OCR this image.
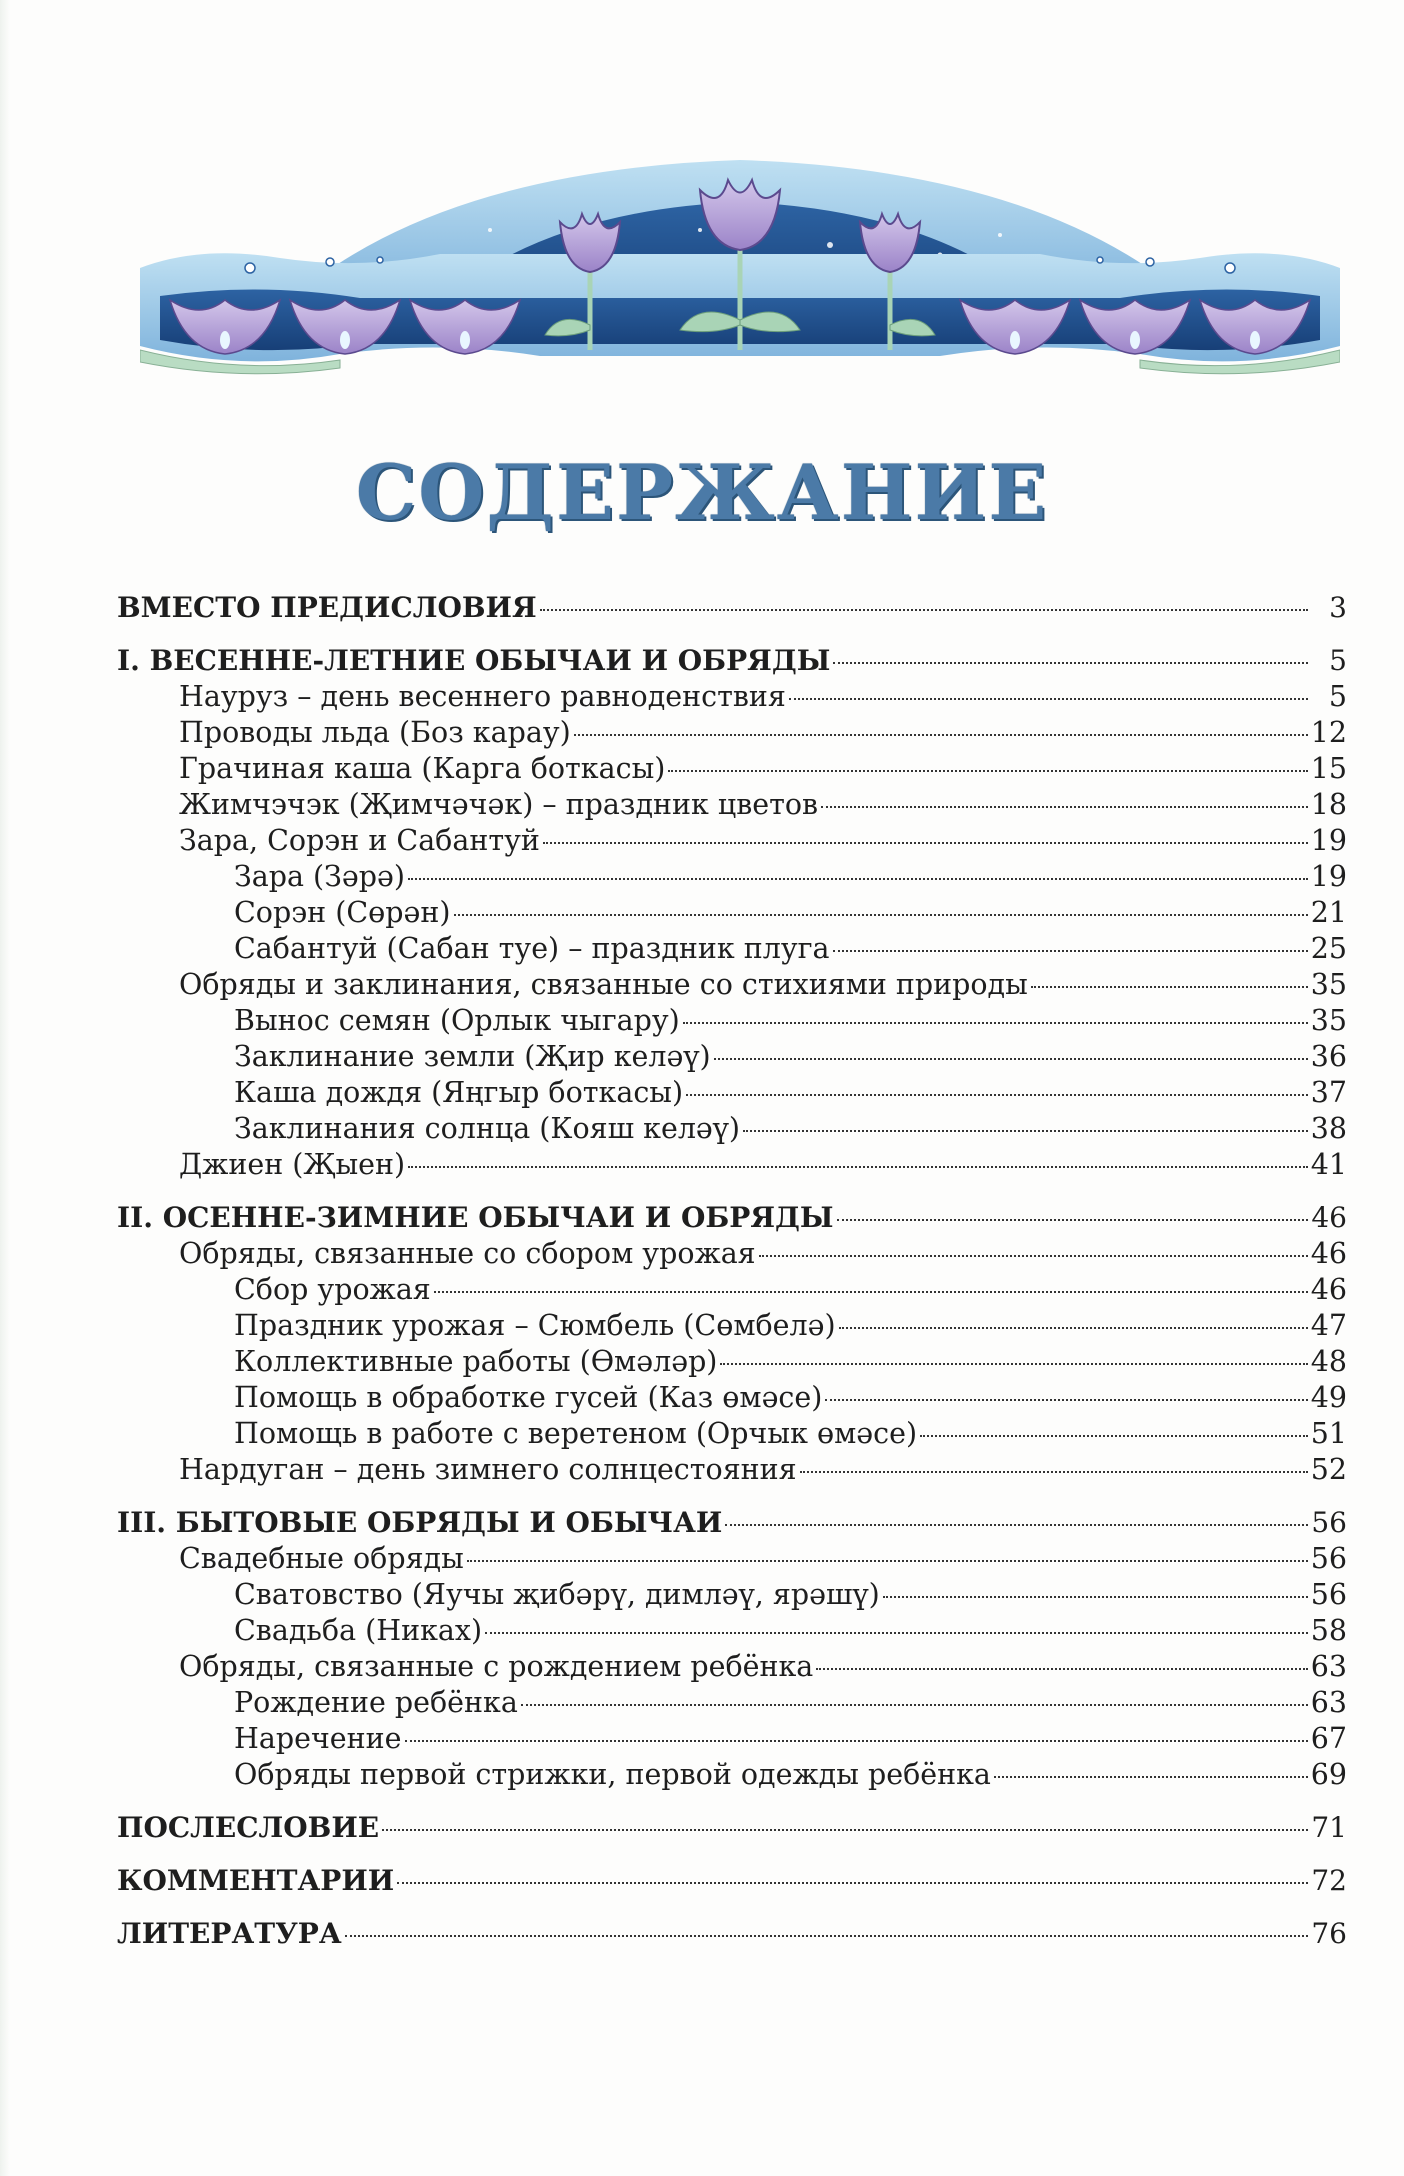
СОДЕРЖАНИЕ
ВМЕСТО ПРЕДИСЛОВИЯ	3
I. ВЕСЕННЕ-ЛЕТНИЕ ОБЫЧАИ И ОБРЯДЫ	5
Науруз – день весеннего равноденствия	5
Проводы льда (Боз карау)	12
Грачиная каша (Карга боткасы)	15
Жимчэчэк (Җимчәчәк) – праздник цветов	18
Зара, Сорэн и Сабантуй	19
Зара (Зәрә)	19
Сорэн (Сөрән)	21
Сабантуй (Сабан туе) – праздник плуга	25
Обряды и заклинания, связанные со стихиями природы	35
Вынос семян (Орлык чыгару)	35
Заклинание земли (Җир келәү)	36
Каша дождя (Яңгыр боткасы)	37
Заклинания солнца (Кояш келәү)	38
Джиен (Җыен)	41
II. ОСЕННЕ-ЗИМНИЕ ОБЫЧАИ И ОБРЯДЫ	46
Обряды, связанные со сбором урожая	46
Сбор урожая	46
Праздник урожая – Сюмбель (Сөмбелә)	47
Коллективные работы (Өмәләр)	48
Помощь в обработке гусей (Каз өмәсе)	49
Помощь в работе с веретеном (Орчык өмәсе)	51
Нардуган – день зимнего солнцестояния	52
III. БЫТОВЫЕ ОБРЯДЫ И ОБЫЧАИ	56
Свадебные обряды	56
Сватовство (Яучы җибәрү, димләү, ярәшү)	56
Свадьба (Никах)	58
Обряды, связанные с рождением ребёнка	63
Рождение ребёнка	63
Наречение	67
Обряды первой стрижки, первой одежды ребёнка	69
ПОСЛЕСЛОВИЕ	71
КОММЕНТАРИИ	72
ЛИТЕРАТУРА	76
